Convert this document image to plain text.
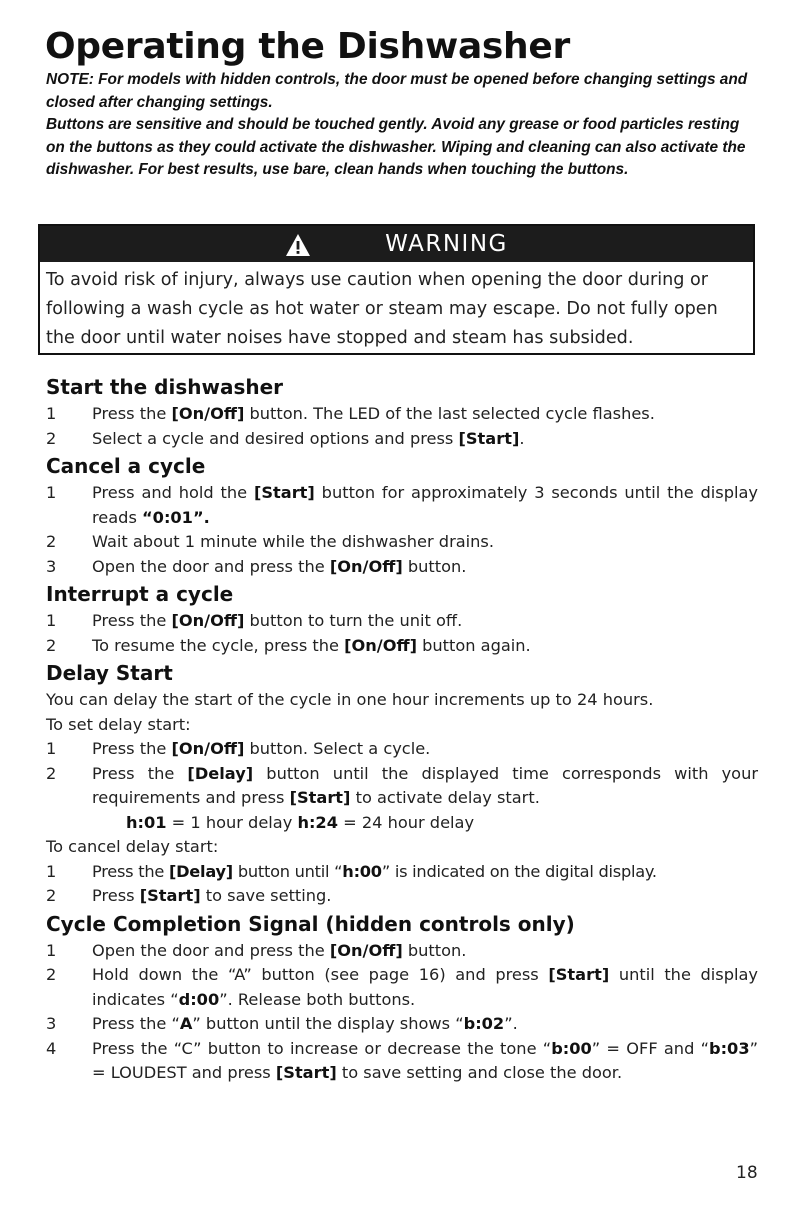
Operating the Dishwasher

NOTE: For models with hidden controls, the door must be opened before changing settings and closed after changing settings.

Buttons are sensitive and should be touched gently. Avoid any grease or food particles resting on the buttons as they could activate the dishwasher. Wiping and cleaning can also activate the dishwasher. For best results, use bare, clean hands when touching the buttons.

WARNING

To avoid risk of injury, always use caution when opening the door during or following a wash cycle as hot water or steam may escape. Do not fully open the door until water noises have stopped and steam has subsided.

Start the dishwasher
1	Press the [On/Off] button. The LED of the last selected cycle flashes.
2	Select a cycle and desired options and press [Start].
Cancel a cycle
1	Press and hold the [Start] button for approximately 3 seconds until the display reads “0:01”.
2	Wait about 1 minute while the dishwasher drains.
3	Open the door and press the [On/Off] button.
Interrupt a cycle
1	Press the [On/Off] button to turn the unit off.
2	To resume the cycle, press the [On/Off] button again.
Delay Start

You can delay the start of the cycle in one hour increments up to 24 hours.

To set delay start:

1	Press the [On/Off] button. Select a cycle.
2	Press the [Delay] button until the displayed time corresponds with your requirements and press [Start] to activate delay start.

h:01 = 1 hour delay h:24 = 24 hour delay

To cancel delay start:

1	Press the [Delay] button until “h:00” is indicated on the digital display.
2	Press [Start] to save setting.
Cycle Completion Signal (hidden controls only)
1	Open the door and press the [On/Off] button.
2	Hold down the “A” button (see page 16) and press [Start] until the display indicates “d:00”. Release both buttons.
3	Press the “A” button until the display shows “b:02”.
4	Press the “C” button to increase or decrease the tone “b:00” = OFF and “b:03” = LOUDEST and press [Start] to save setting and close the door.
18
